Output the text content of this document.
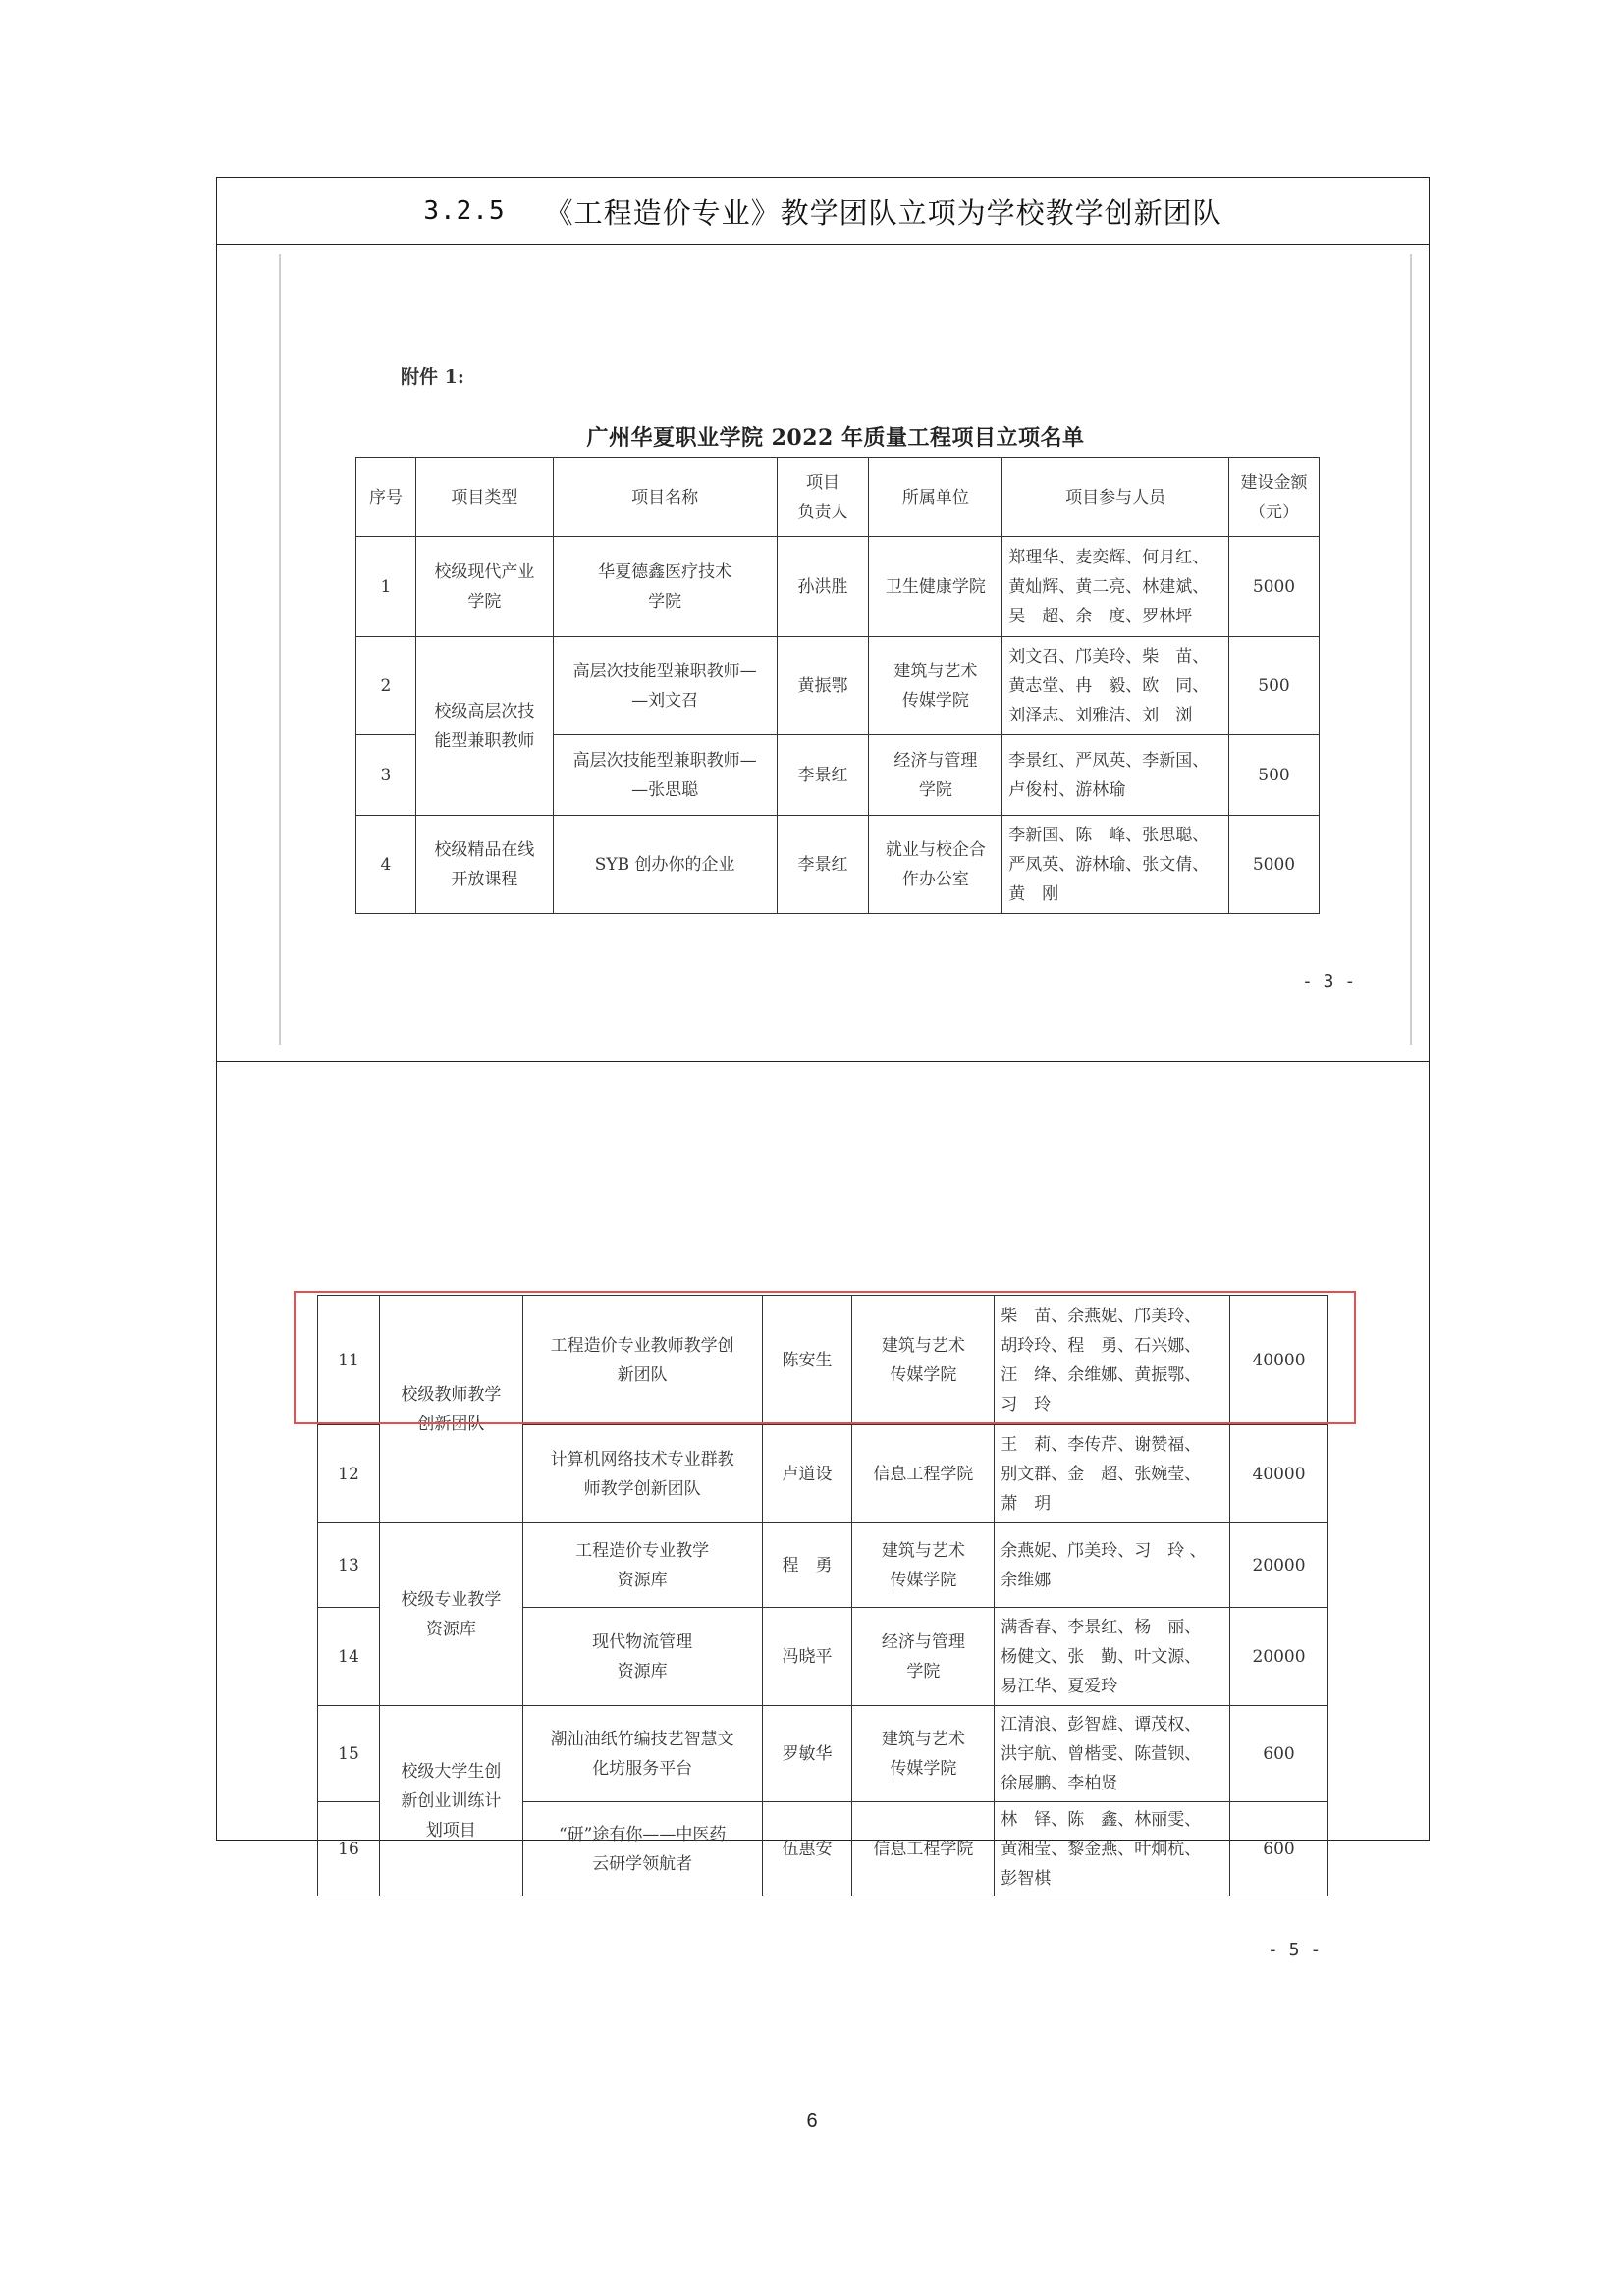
3.2.5 《工程造价专业》教学团队立项为学校教学创新团队
附件 1:
广州华夏职业学院 2022 年质量工程项目立项名单
序号	项目类型	项目名称	项目
负责人	所属单位	项目参与人员	建设金额
（元）

1	校级现代产业
学院	华夏德鑫医疗技术
学院	孙洪胜	卫生健康学院	郑理华、麦奕辉、何月红、
黄灿辉、黄二亮、林建斌、
吴　超、余　度、罗林坪	5000
2	校级高层次技
能型兼职教师	高层次技能型兼职教师—
—刘文召	黄振鄂	建筑与艺术
传媒学院	刘文召、邝美玲、柴　苗、
黄志堂、冉　毅、欧　同、
刘泽志、刘雅洁、刘　浏	500
3		高层次技能型兼职教师—
—张思聪	李景红	经济与管理
学院	李景红、严凤英、李新国、
卢俊村、游林瑜	500
4	校级精品在线
开放课程	SYB 创办你的企业	李景红	就业与校企合
作办公室	李新国、陈　峰、张思聪、
严凤英、游林瑜、张文倩、
黄　刚	5000
- 3 -
11	校级教师教学
创新团队	工程造价专业教师教学创
新团队	陈安生	建筑与艺术
传媒学院	柴　苗、余燕妮、邝美玲、
胡玲玲、程　勇、石兴娜、
汪　绛、余维娜、黄振鄂、
习　玲	40000
12		计算机网络技术专业群教
师教学创新团队	卢道设	信息工程学院	王　莉、李传芹、谢赞福、
别文群、金　超、张婉莹、
萧　玥	40000
13	校级专业教学
资源库	工程造价专业教学
资源库	程　勇	建筑与艺术
传媒学院	余燕妮、邝美玲、习　玲 、
余维娜	20000
14		现代物流管理
资源库	冯晓平	经济与管理
学院	满香春、李景红、杨　丽、
杨健文、张　勤、叶文源、
易江华、夏爱玲	20000
15	校级大学生创
新创业训练计
划项目	潮汕油纸竹编技艺智慧文
化坊服务平台	罗敏华	建筑与艺术
传媒学院	江清浪、彭智雄、谭茂权、
洪宇航、曾楷雯、陈萱钡、
徐展鹏、李柏贤	600
16		“研”途有你——中医药
云研学领航者	伍惠安	信息工程学院	林　铎、陈　鑫、林丽雯、
黄湘莹、黎金燕、叶炯杭、
彭智棋	600
- 5 -
6
